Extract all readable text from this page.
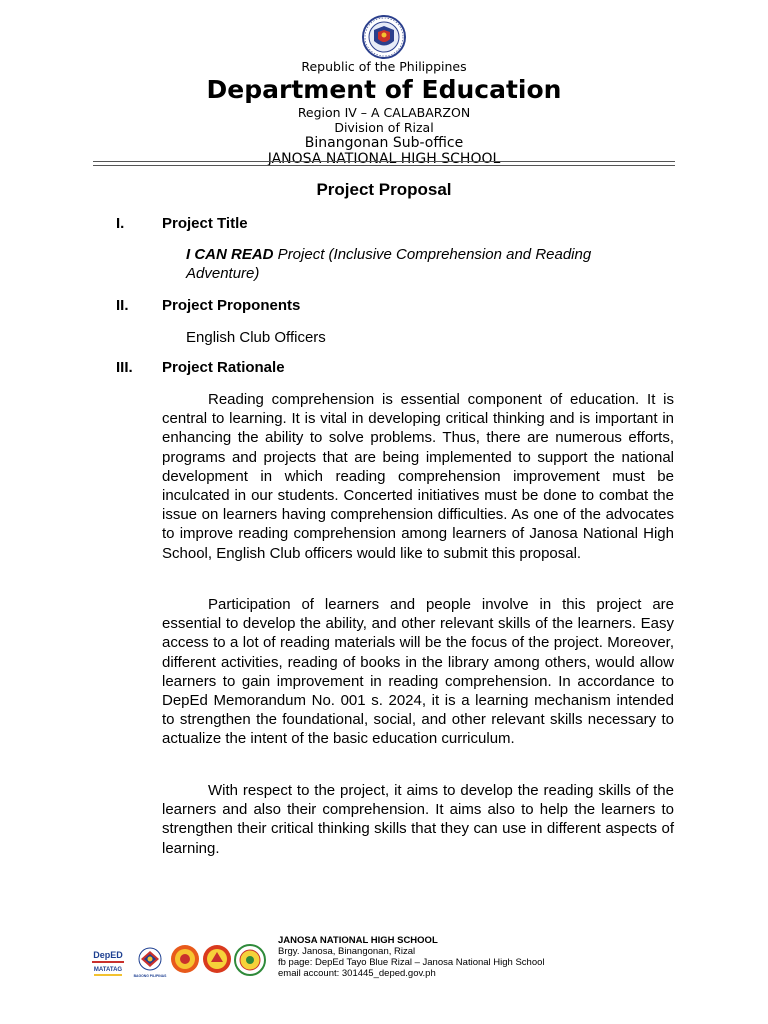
Republic of the Philippines
Department of Education
Region IV – A CALABARZON
Division of Rizal
Binangonan Sub-office
JANOSA NATIONAL HIGH SCHOOL
Project Proposal
I.	Project Title
I CAN READ Project (Inclusive Comprehension and Reading Adventure)
II. Project Proponents
English Club Officers
III. Project Rationale
Reading comprehension is essential component of education. It is central to learning. It is vital in developing critical thinking and is important in enhancing the ability to solve problems. Thus, there are numerous efforts, programs and projects that are being implemented to support the national development in which reading comprehension improvement must be inculcated in our students. Concerted initiatives must be done to combat the issue on learners having comprehension difficulties. As one of the advocates to improve reading comprehension among learners of Janosa National High School, English Club officers would like to submit this proposal.
Participation of learners and people involve in this project are essential to develop the ability, and other relevant skills of the learners. Easy access to a lot of reading materials will be the focus of the project. Moreover, different activities, reading of books in the library among others, would allow learners to gain improvement in reading comprehension. In accordance to DepEd Memorandum No. 001 s. 2024, it is a learning mechanism intended to strengthen the foundational, social, and other relevant skills necessary to actualize the intent of the basic education curriculum.
With respect to the project, it aims to develop the reading skills of the learners and also their comprehension. It aims also to help the learners to strengthen their critical thinking skills that they can use in different aspects of learning.
DepED
MATATAG
BAGONG PILIPINAS
JANOSA NATIONAL HIGH SCHOOL
Brgy. Janosa, Binangonan, Rizal
fb page: DepEd Tayo Blue Rizal – Janosa National High School
email account: 301445_deped.gov.ph
